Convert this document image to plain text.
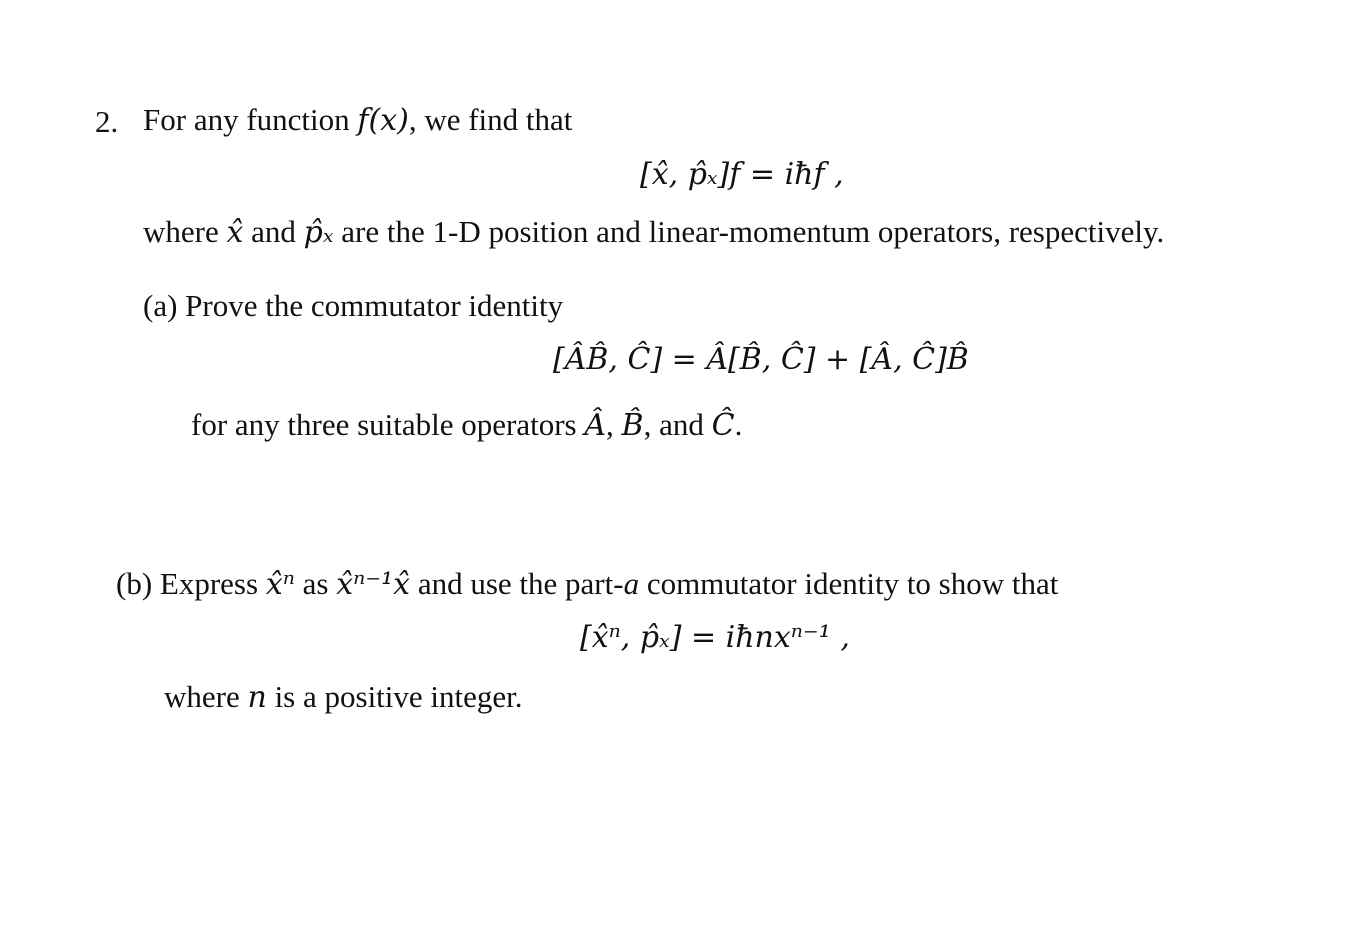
2. For any function f(x), we find that
[x̂, p̂ₓ]f = iħf ,
where x̂ and p̂ₓ are the 1-D position and linear-momentum operators, respectively.
(a) Prove the commutator identity
[ÂB̂, Ĉ] = Â[B̂, Ĉ] + [Â, Ĉ]B̂
for any three suitable operators Â, B̂, and Ĉ.
(b) Express x̂ⁿ as x̂ⁿ⁻¹x̂ and use the part-a commutator identity to show that
[x̂ⁿ, p̂ₓ] = iħnxⁿ⁻¹ ,
where n is a positive integer.
